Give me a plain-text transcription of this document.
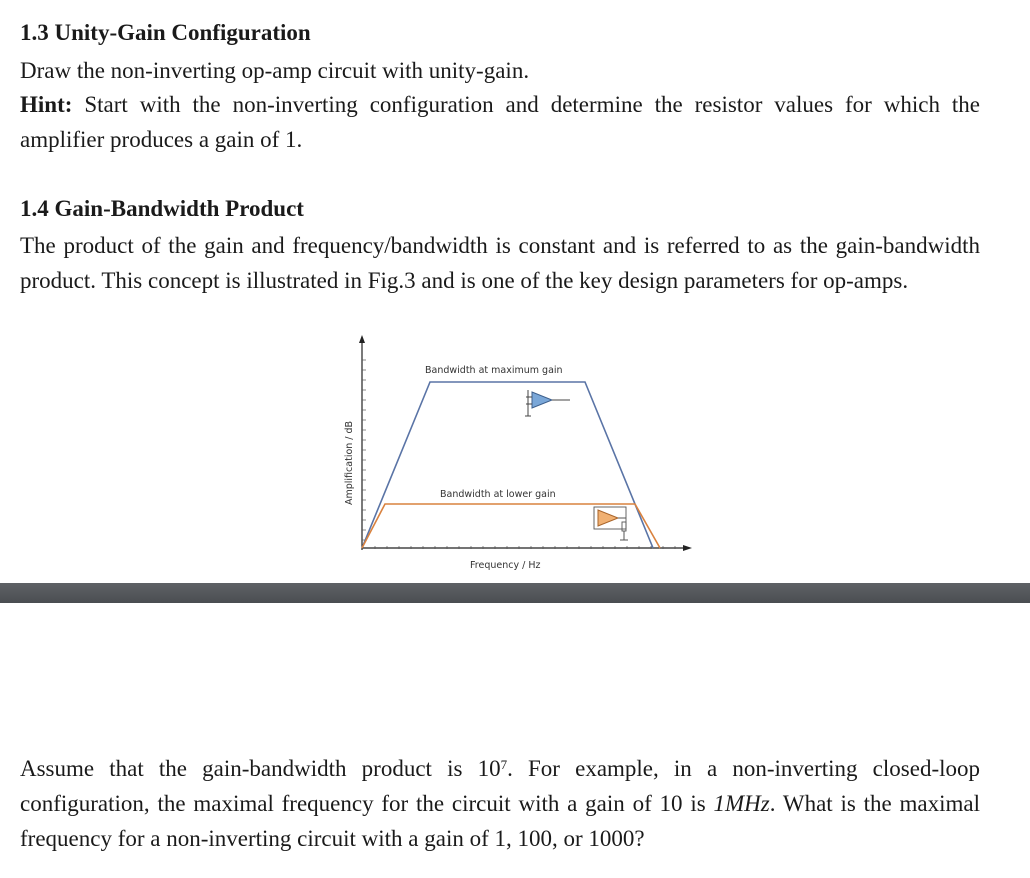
1.3 Unity-Gain Configuration
Draw the non-inverting op-amp circuit with unity-gain.
Hint: Start with the non-inverting configuration and determine the resistor values for which the amplifier produces a gain of 1.
1.4 Gain-Bandwidth Product
The product of the gain and frequency/bandwidth is constant and is referred to as the gain-bandwidth product. This concept is illustrated in Fig.3 and is one of the key design parameters for op-amps.
Bandwidth at maximum gain
Bandwidth at lower gain
Frequency / Hz
Amplification / dB
Assume that the gain-bandwidth product is $10^7$. For example, in a non-inverting closed-loop configuration, the maximal frequency for the circuit with a gain of 10 is 1MHz. What is the maximal frequency for a non-inverting circuit with a gain of 1, 100, or 1000?
